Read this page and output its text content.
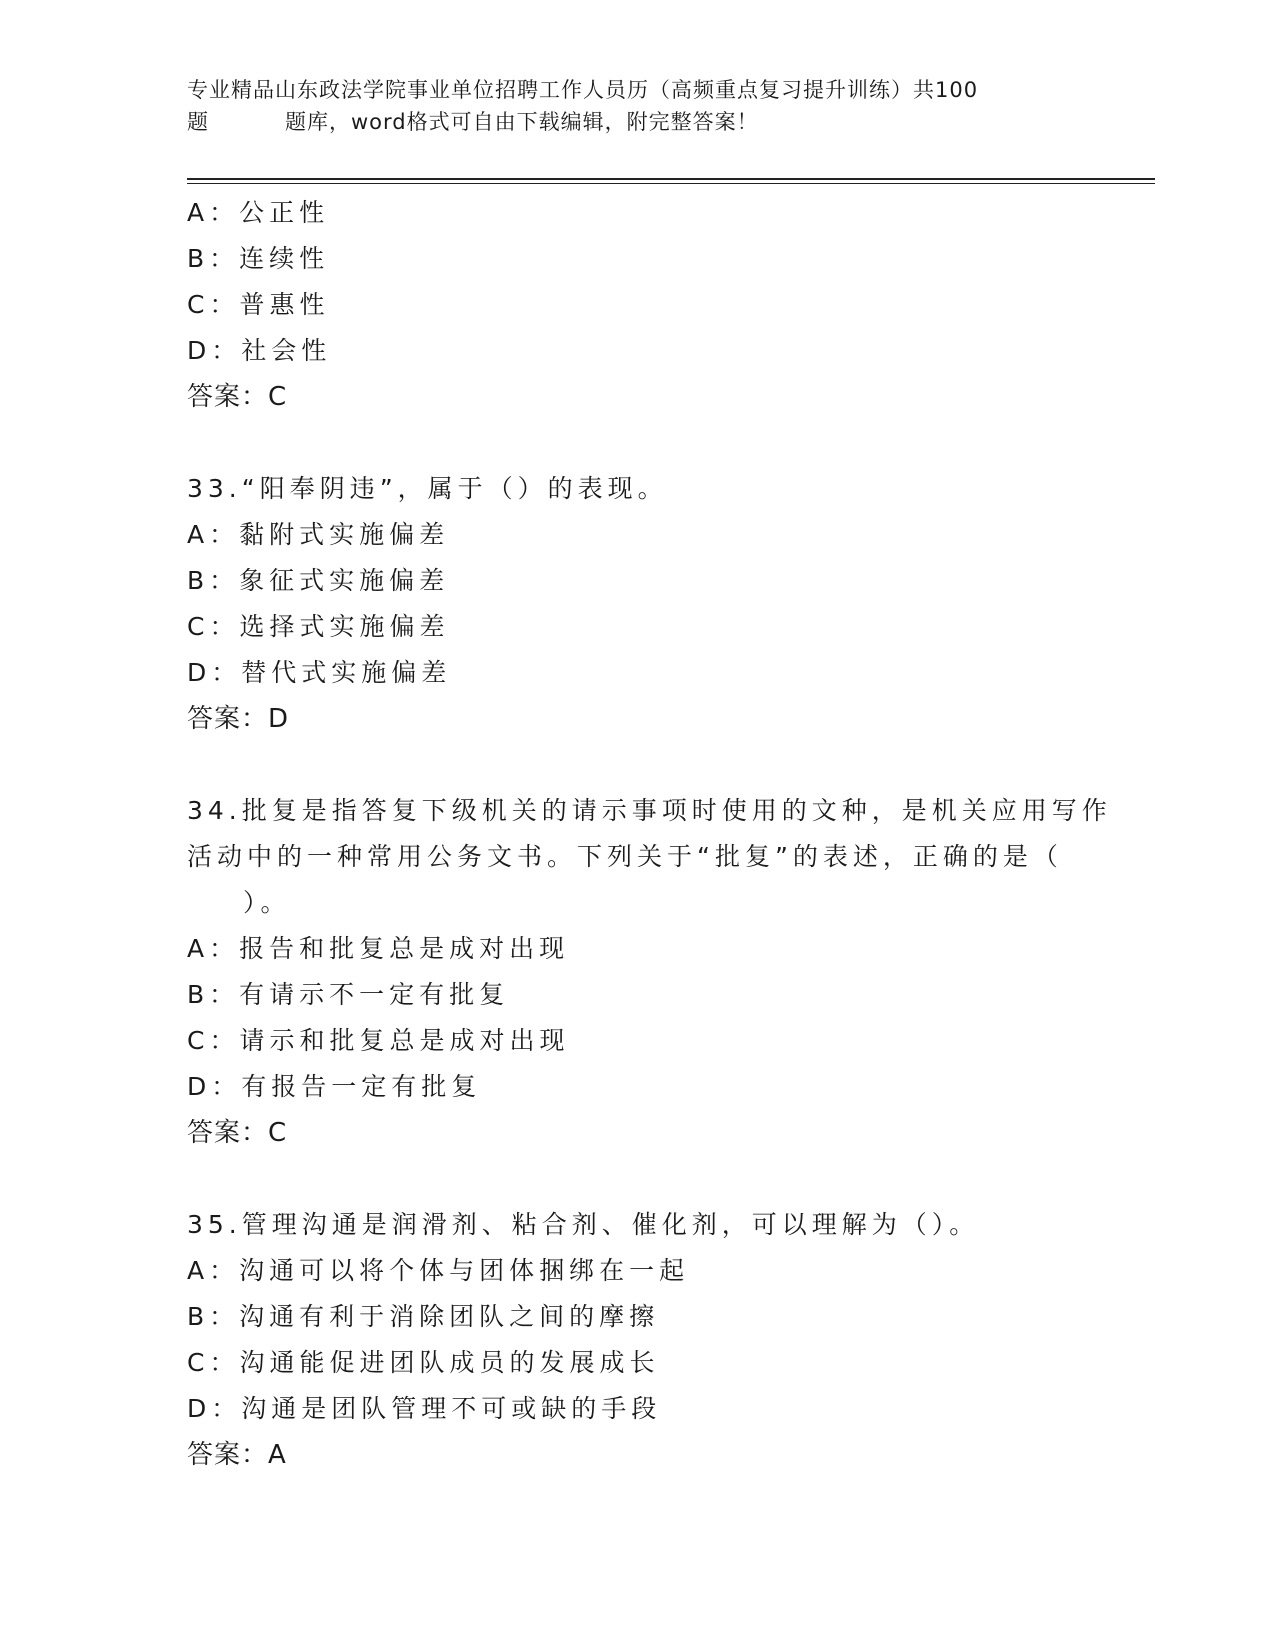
专业精品山东政法学院事业单位招聘工作人员历（高频重点复习提升训练）共100
题	题库，word格式可自由下载编辑，附完整答案！
A：公正性
B：连续性
C：普惠性
D：社会性
答案：C
33.“阳奉阴违”，属于（）的表现。
A：黏附式实施偏差
B：象征式实施偏差
C：选择式实施偏差
D：替代式实施偏差
答案：D
34.批复是指答复下级机关的请示事项时使用的文种，是机关应用写作
活动中的一种常用公务文书。下列关于“批复”的表述，正确的是（
）。
A：报告和批复总是成对出现
B：有请示不一定有批复
C：请示和批复总是成对出现
D：有报告一定有批复
答案：C
35.管理沟通是润滑剂、粘合剂、催化剂，可以理解为（）。
A：沟通可以将个体与团体捆绑在一起
B：沟通有利于消除团队之间的摩擦
C：沟通能促进团队成员的发展成长
D：沟通是团队管理不可或缺的手段
答案：A
